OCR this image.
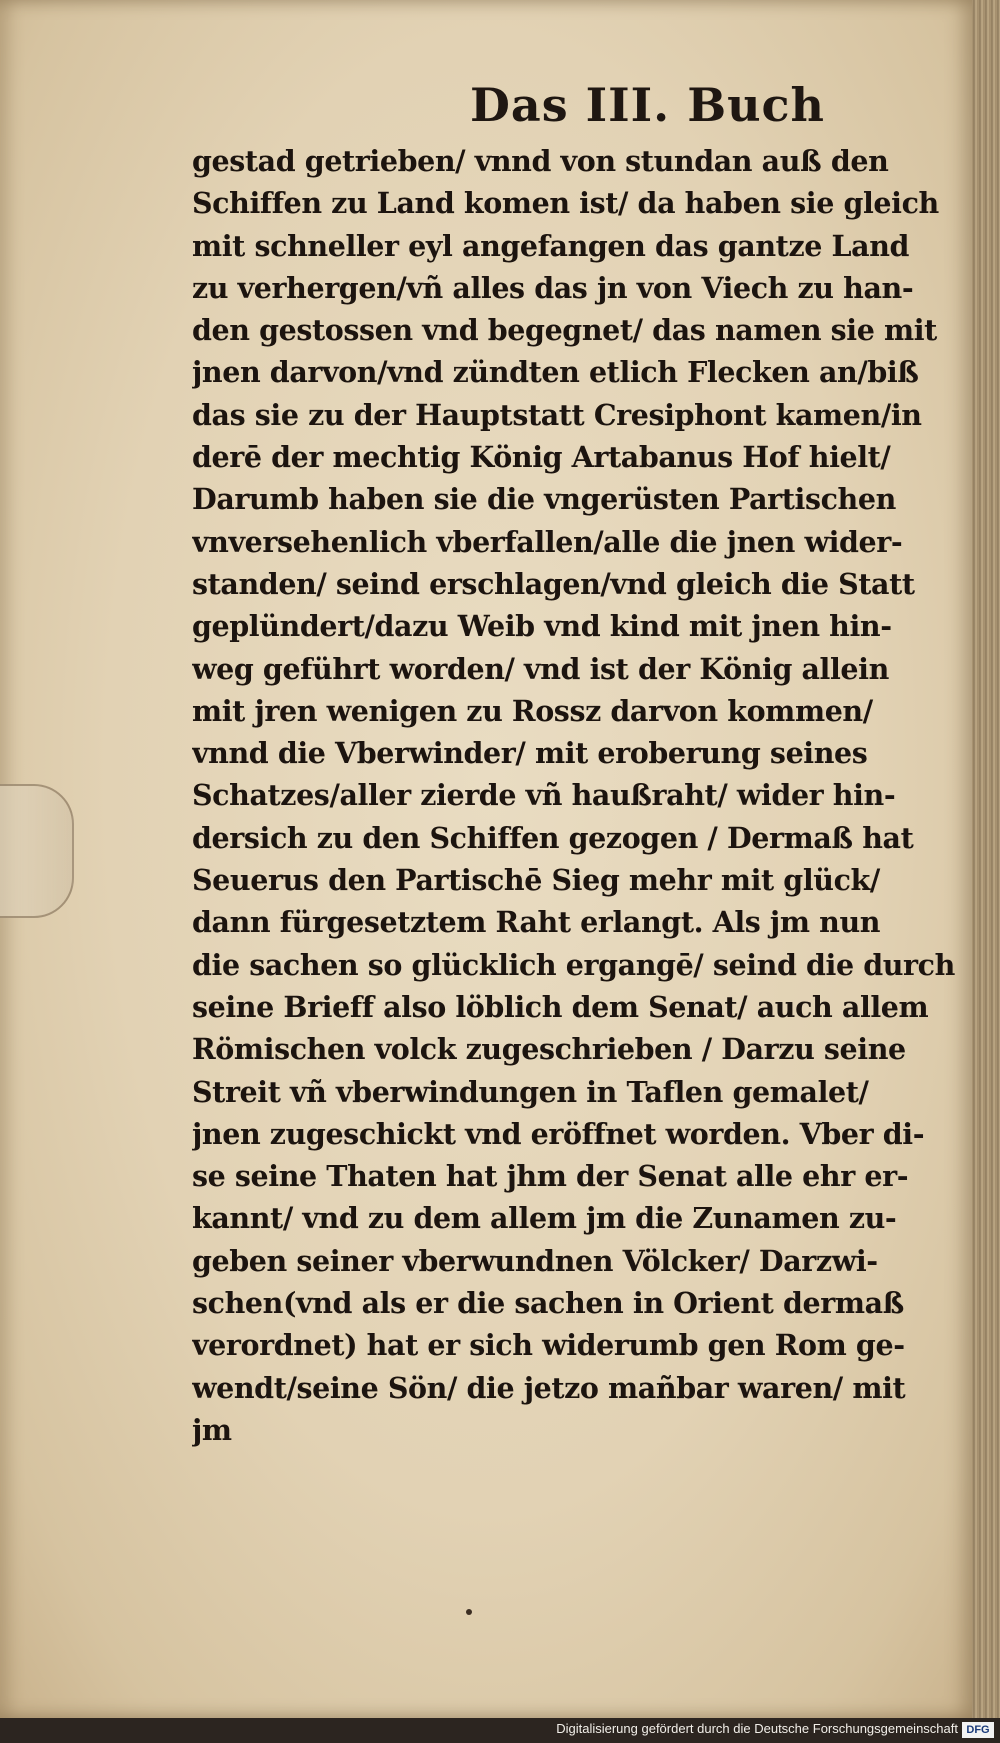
Das III. Buch
gestad getrieben/ vnnd von stundan auß den
Schiffen zu Land komen ist/ da haben sie gleich
mit schneller eyl angefangen das gantze Land
zu verhergen/vñ alles das jn von Viech zu han-
den gestossen vnd begegnet/ das namen sie mit
jnen darvon/vnd zündten etlich Flecken an/biß
das sie zu der Hauptstatt Cresiphont kamen/in
derē der mechtig König Artabanus Hof hielt/
Darumb haben sie die vngerüsten Partischen
vnversehenlich vberfallen/alle die jnen wider-
standen/ seind erschlagen/vnd gleich die Statt
geplündert/dazu Weib vnd kind mit jnen hin-
weg geführt worden/ vnd ist der König allein
mit jren wenigen zu Rossz darvon kommen/
vnnd die Vberwinder/ mit eroberung seines
Schatzes/aller zierde vñ haußraht/ wider hin-
dersich zu den Schiffen gezogen / Dermaß hat
Seuerus den Partischē Sieg mehr mit glück/
dann fürgesetztem Raht erlangt. Als jm nun
die sachen so glücklich ergangē/ seind die durch
seine Brieff also löblich dem Senat/ auch allem
Römischen volck zugeschrieben / Darzu seine
Streit vñ vberwindungen in Taflen gemalet/
jnen zugeschickt vnd eröffnet worden. Vber di-
se seine Thaten hat jhm der Senat alle ehr er-
kannt/ vnd zu dem allem jm die Zunamen zu-
geben seiner vberwundnen Völcker/ Darzwi-
schen(vnd als er die sachen in Orient dermaß
verordnet) hat er sich widerumb gen Rom ge-
wendt/seine Sön/ die jetzo mañbar waren/ mit
jm
Digitalisierung gefördert durch die Deutsche Forschungsgemeinschaft DFG
